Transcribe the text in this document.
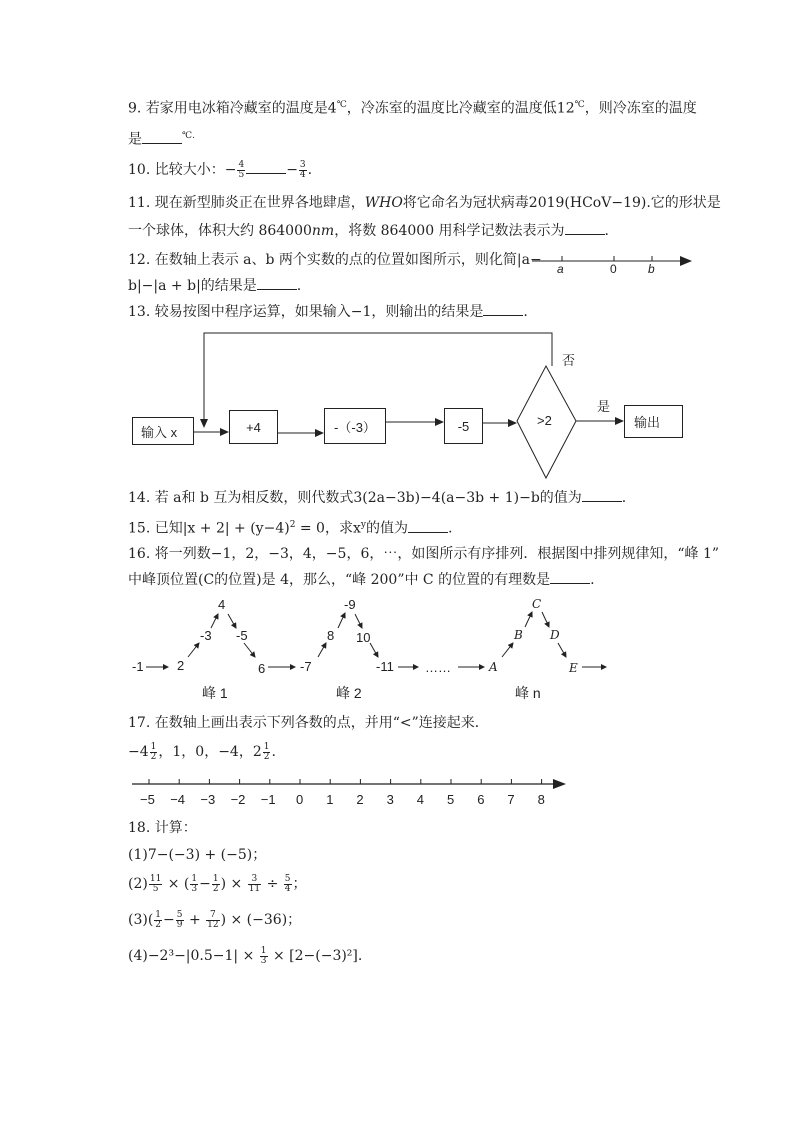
9. 若家用电冰箱冷藏室的温度是4℃，冷冻室的温度比冷藏室的温度低12℃，则冷冻室的温度
是	℃.
10. 比较大小：− $\frac{4}{5}$	− $\frac{3}{4}$ .
11. 现在新型肺炎正在世界各地肆虐，WHO将它命名为冠状病毒2019(HCoV−19).它的形状是
一个球体，体积大约 864000nm，将数 864000 用科学记数法表示为	.
12. 在数轴上表示 a、b 两个实数的点的位置如图所示，则化简|a−
b|−|a + b|的结果是	.
a	0	b
13. 较易按图中程序运算，如果输入−1，则输出的结果是	.
输入 x	+4	-（-3）	-5	>2
否
是
输出
14. 若 a和 b 互为相反数，则代数式3(2a−3b)−4(a−3b + 1)−b的值为	.
15. 已知$|x + 2| + (y-4)^2 = 0$，求$x^y$的值为	.
16. 将一列数−1，2，−3，4，−5，6，⋯，如图所示有序排列．根据图中排列规律知，“峰 1”
中峰顶位置(C的位置)是 4，那么，“峰 200”中 C 的位置的有理数是	.
-1	2
-3
4
-5
6	-7
8
-9
10
-11 ……	A
B
C
D
E
峰 1	峰 2	峰 n
17. 在数轴上画出表示下列各数的点，并用“<”连接起来．
$-4 \frac{1}{2}$ ，1，0，−4，$2 \frac{1}{2}$ .
−5 −4 −3 −2 −1 0 1 2 3 4 5 6 7 8
18. 计算：
(1)7−(−3) + (−5)；
$(2) \frac{11}{5}$ × ( $\frac{1}{3} - \frac{1}{2}$ ) × $\frac{3}{11} \div \frac{5}{4}$ ；
$(3)( \frac{1}{2} - \frac{5}{9} + \frac{7}{12}$ ) × (−36)；
$(4)-2^3-|0.5-1| \times \frac{1}{3} \times [2-(-3)^2]$.
